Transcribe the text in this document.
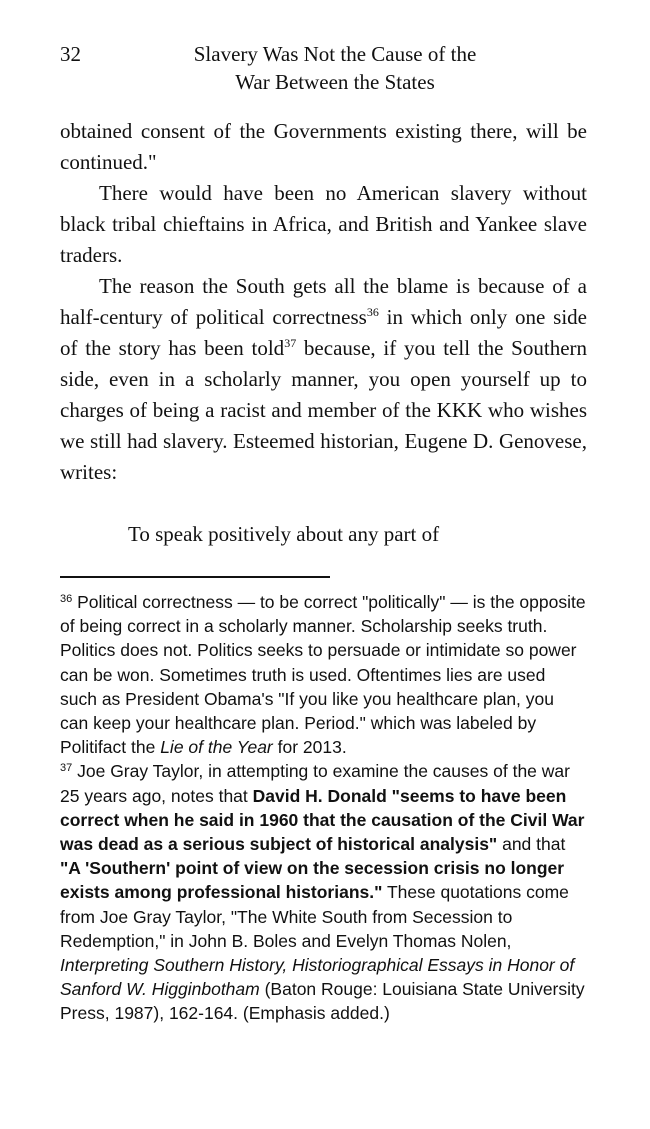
32	Slavery Was Not the Cause of the
War Between the States

obtained consent of the Governments existing there, will be continued."

There would have been no American slavery without black tribal chieftains in Africa, and British and Yankee slave traders.

The reason the South gets all the blame is because of a half-century of political correctness$^{36}$ in which only one side of the story has been told$^{37}$ because, if you tell the Southern side, even in a scholarly manner, you open yourself up to charges of being a racist and member of the KKK who wishes we still had slavery. Esteemed historian, Eugene D. Genovese, writes:

To speak positively about any part of

$^{36}$ Political correctness — to be correct "politically" — is the opposite of being correct in a scholarly manner. Scholarship seeks truth. Politics does not. Politics seeks to persuade or intimidate so power can be won. Sometimes truth is used. Oftentimes lies are used such as President Obama's "If you like you healthcare plan, you can keep your healthcare plan. Period." which was labeled by Politifact the Lie of the Year for 2013.

$^{37}$ Joe Gray Taylor, in attempting to examine the causes of the war 25 years ago, notes that David H. Donald "seems to have been correct when he said in 1960 that the causation of the Civil War was dead as a serious subject of historical analysis" and that "A 'Southern' point of view on the secession crisis no longer exists among professional historians." These quotations come from Joe Gray Taylor, "The White South from Secession to Redemption," in John B. Boles and Evelyn Thomas Nolen, Interpreting Southern History, Historiographical Essays in Honor of Sanford W. Higginbotham (Baton Rouge: Louisiana State University Press, 1987), 162-164. (Emphasis added.)
